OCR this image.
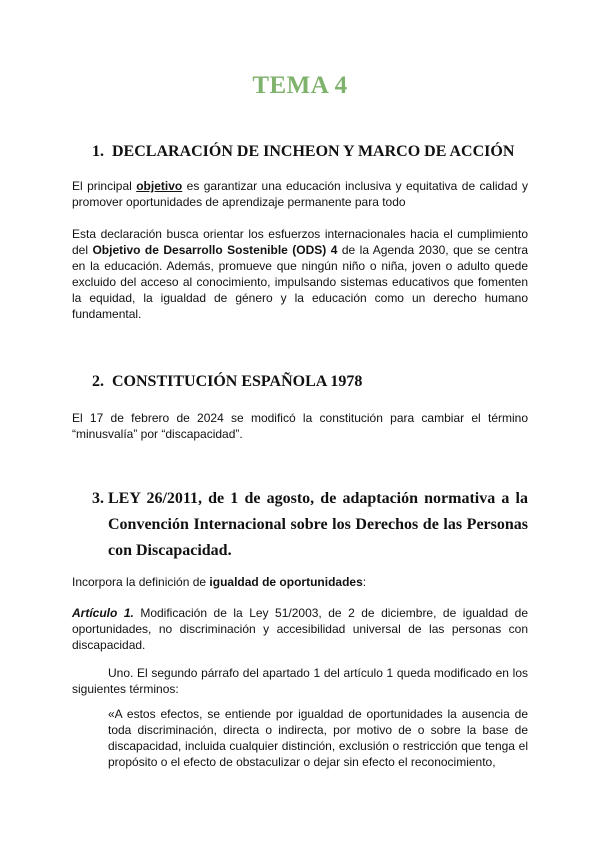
TEMA 4
1. DECLARACIÓN DE INCHEON Y MARCO DE ACCIÓN
El principal objetivo es garantizar una educación inclusiva y equitativa de calidad y promover oportunidades de aprendizaje permanente para todo
Esta declaración busca orientar los esfuerzos internacionales hacia el cumplimiento del Objetivo de Desarrollo Sostenible (ODS) 4 de la Agenda 2030, que se centra en la educación. Además, promueve que ningún niño o niña, joven o adulto quede excluido del acceso al conocimiento, impulsando sistemas educativos que fomenten la equidad, la igualdad de género y la educación como un derecho humano fundamental.
2. CONSTITUCIÓN ESPAÑOLA 1978
El 17 de febrero de 2024 se modificó la constitución para cambiar el término “minusvalía” por “discapacidad”.
3. LEY 26/2011, de 1 de agosto, de adaptación normativa a la Convención Internacional sobre los Derechos de las Personas con Discapacidad.
Incorpora la definición de igualdad de oportunidades:
Artículo 1. Modificación de la Ley 51/2003, de 2 de diciembre, de igualdad de oportunidades, no discriminación y accesibilidad universal de las personas con discapacidad.
Uno. El segundo párrafo del apartado 1 del artículo 1 queda modificado en los siguientes términos:
«A estos efectos, se entiende por igualdad de oportunidades la ausencia de toda discriminación, directa o indirecta, por motivo de o sobre la base de discapacidad, incluida cualquier distinción, exclusión o restricción que tenga el propósito o el efecto de obstaculizar o dejar sin efecto el reconocimiento,
